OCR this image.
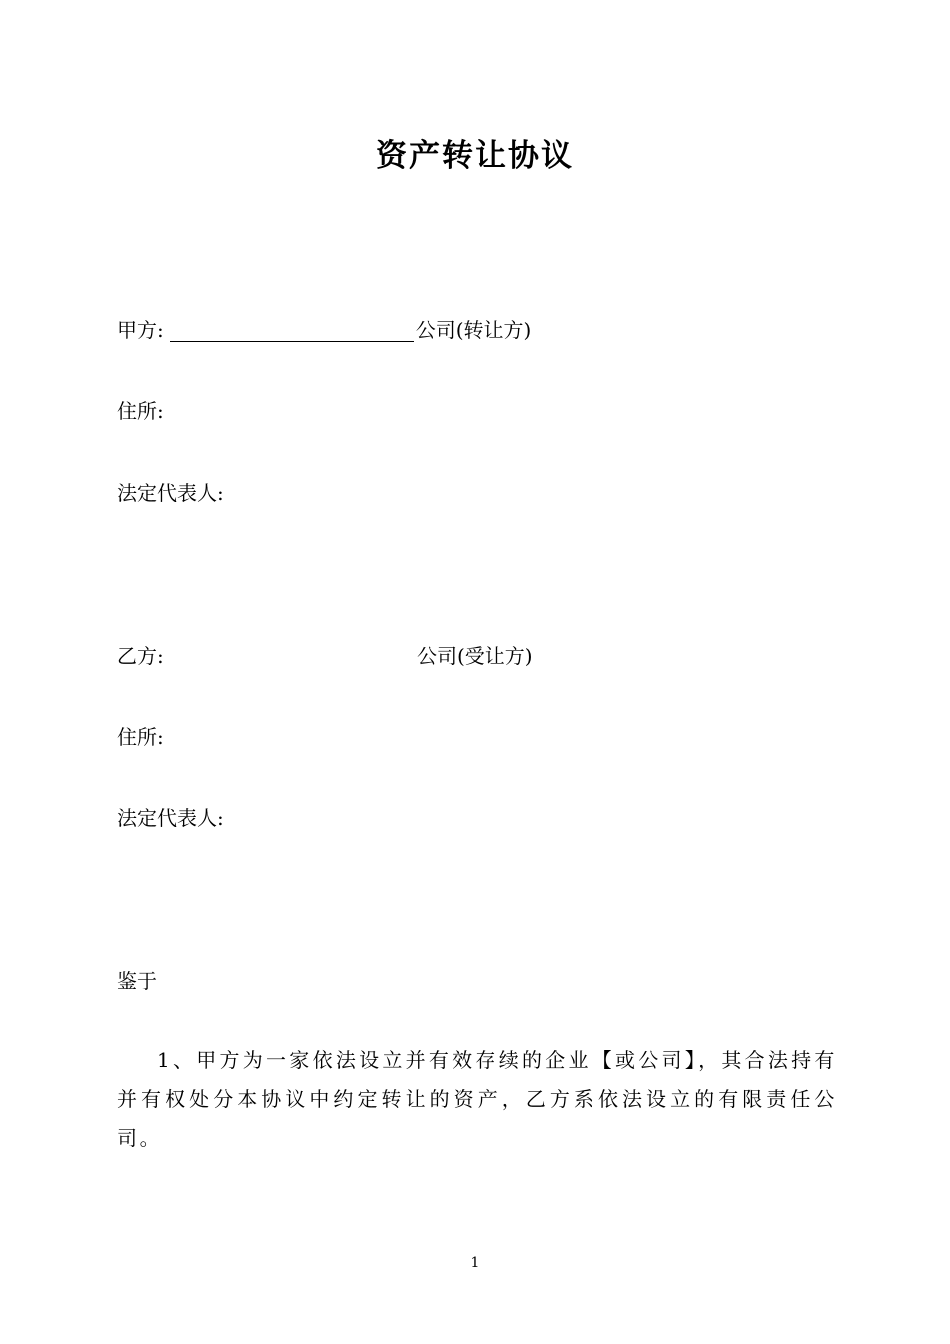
资产转让协议
甲方:	公司(转让方)
住所:
法定代表人:
乙方:	公司(受让方)
住所:
法定代表人:
鉴于
1、甲方为一家依法设立并有效存续的企业【或公司】，其合法持有并有权处分本协议中约定转让的资产，乙方系依法设立的有限责任公司。
1
